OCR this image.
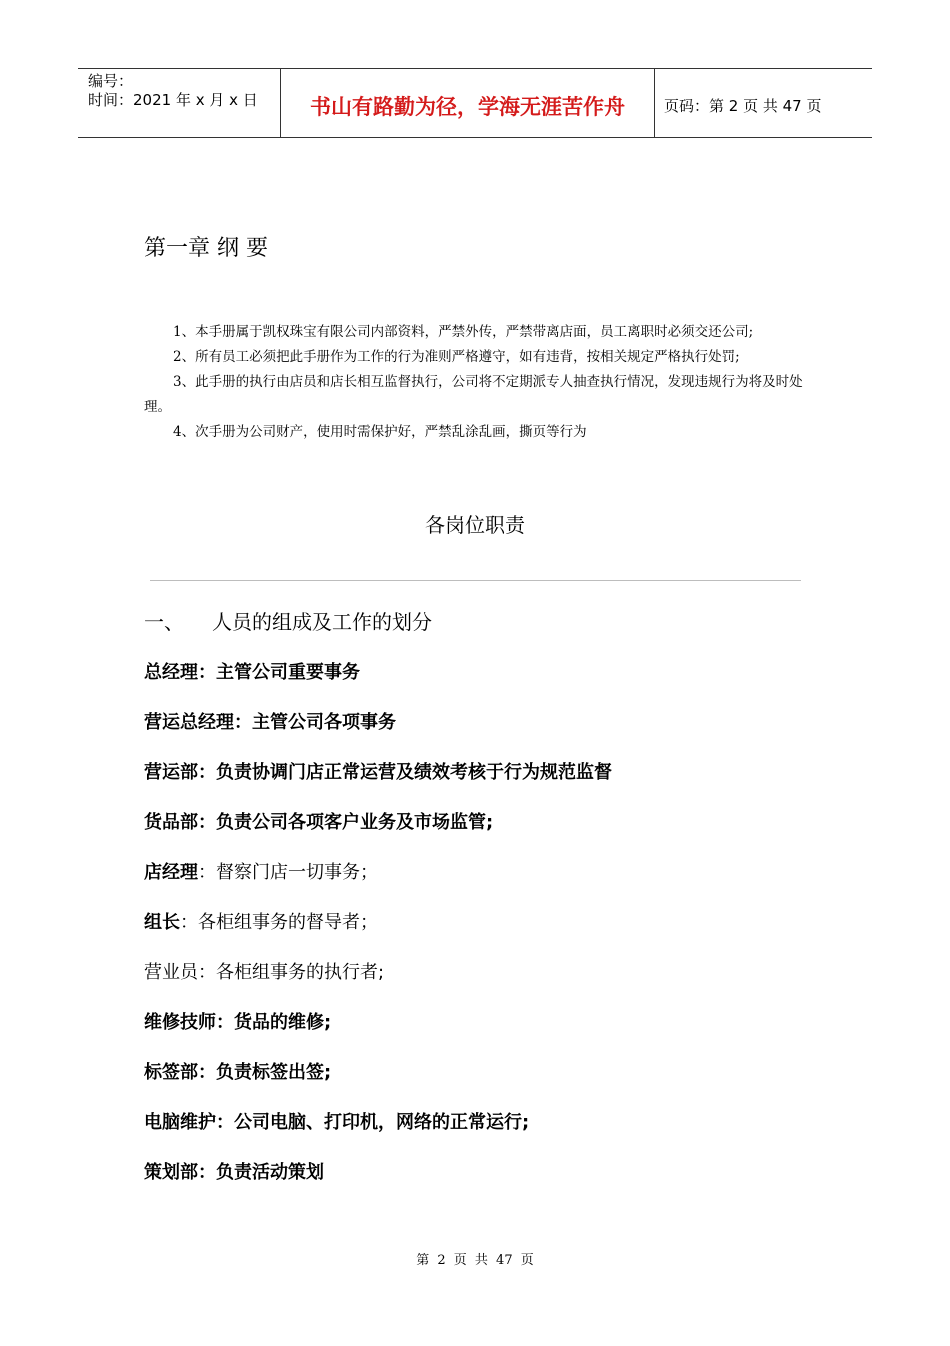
编号：
时间：2021 年 x 月 x 日	书山有路勤为径，学海无涯苦作舟	页码：第 2 页 共 47 页
第一章 纲 要
1、本手册属于凯权珠宝有限公司内部资料，严禁外传，严禁带离店面，员工离职时必须交还公司;
2、所有员工必须把此手册作为工作的行为准则严格遵守，如有违背，按相关规定严格执行处罚;
3、此手册的执行由店员和店长相互监督执行，公司将不定期派专人抽查执行情况，发现违规行为将及时处理。
4、次手册为公司财产，使用时需保护好，严禁乱涂乱画，撕页等行为
各岗位职责
一、 人员的组成及工作的划分
总经理：主管公司重要事务
营运总经理：主管公司各项事务
营运部：负责协调门店正常运营及绩效考核于行为规范监督
货品部：负责公司各项客户业务及市场监管;
店经理：督察门店一切事务；
组长：各柜组事务的督导者；
营业员：各柜组事务的执行者;
维修技师：货品的维修;
标签部：负责标签出签;
电脑维护：公司电脑、打印机，网络的正常运行;
策划部：负责活动策划
第 2 页 共 47 页
